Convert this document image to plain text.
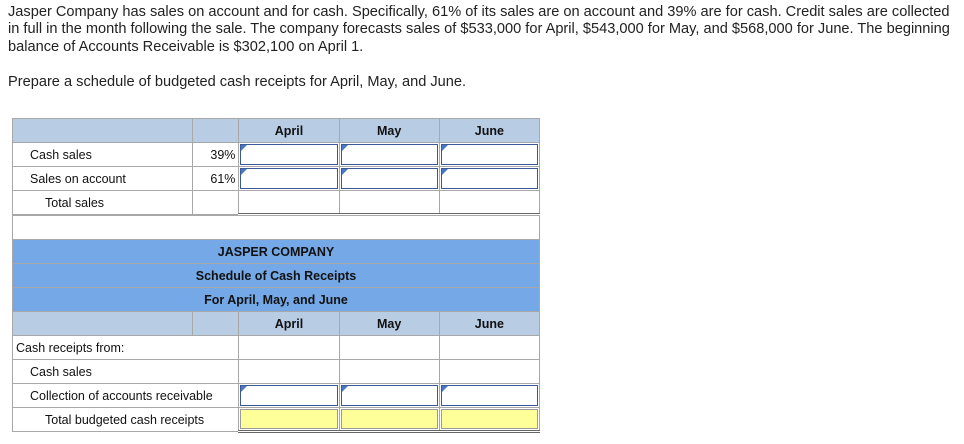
Jasper Company has sales on account and for cash. Specifically, 61% of its sales are on account and 39% are for cash. Credit sales are collected in full in the month following the sale. The company forecasts sales of $533,000 for April, $543,000 for May, and $568,000 for June. The beginning balance of Accounts Receivable is $302,100 on April 1.
Prepare a schedule of budgeted cash receipts for April, May, and June.
		April	May	June
Cash sales	39%	

Sales on account	61%	

Total sales				

JASPER COMPANY				
Schedule of Cash Receipts				
For April, May, and June				
		April	May	June
Cash receipts from:				
Cash sales				
Collection of accounts receivable		

Total budgeted cash receipts		
